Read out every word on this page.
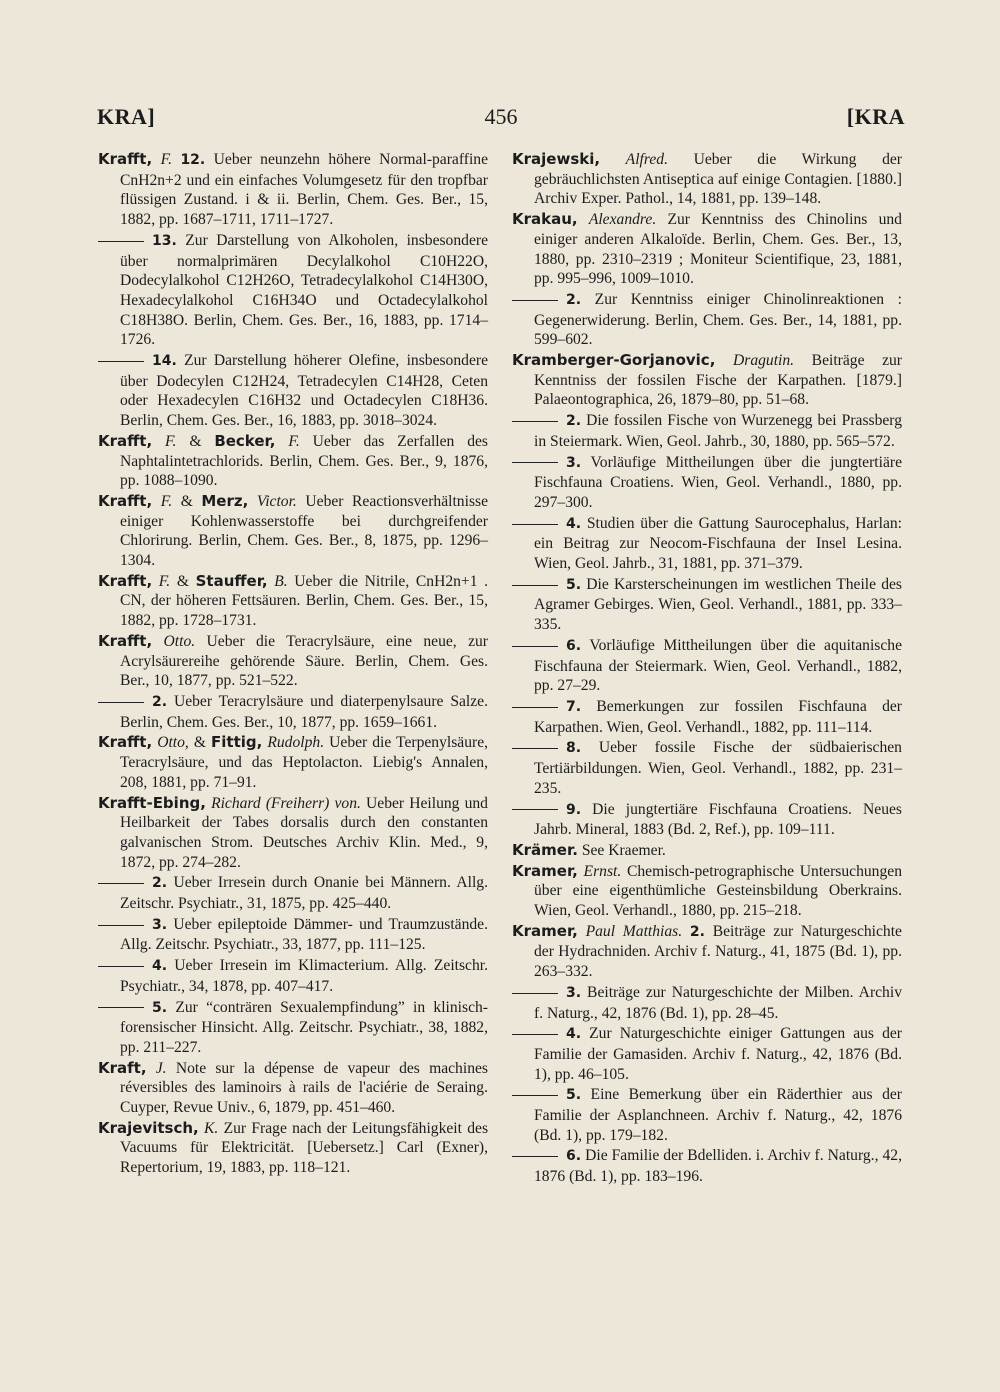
KRA]	456	[KRA

Krafft, F. 12. Ueber neunzehn höhere Normal-paraffine CnH2n+2 und ein einfaches Volumgesetz für den tropfbar flüssigen Zustand. i & ii. Berlin, Chem. Ges. Ber., 15, 1882, pp. 1687–1711, 1711–1727.

13. Zur Darstellung von Alkoholen, insbesondere über normalprimären Decylalkohol C10H22O, Dodecylalkohol C12H26O, Tetradecylalkohol C14H30O, Hexadecylalkohol C16H34O und Octadecylalkohol C18H38O. Berlin, Chem. Ges. Ber., 16, 1883, pp. 1714–1726.

14. Zur Darstellung höherer Olefine, insbesondere über Dodecylen C12H24, Tetradecylen C14H28, Ceten oder Hexadecylen C16H32 und Octadecylen C18H36. Berlin, Chem. Ges. Ber., 16, 1883, pp. 3018–3024.

Krafft, F. & Becker, F. Ueber das Zerfallen des Naphtalintetrachlorids. Berlin, Chem. Ges. Ber., 9, 1876, pp. 1088–1090.

Krafft, F. & Merz, Victor. Ueber Reactionsverhältnisse einiger Kohlenwasserstoffe bei durchgreifender Chlorirung. Berlin, Chem. Ges. Ber., 8, 1875, pp. 1296–1304.

Krafft, F. & Stauffer, B. Ueber die Nitrile, CnH2n+1 . CN, der höheren Fettsäuren. Berlin, Chem. Ges. Ber., 15, 1882, pp. 1728–1731.

Krafft, Otto. Ueber die Teracrylsäure, eine neue, zur Acrylsäurereihe gehörende Säure. Berlin, Chem. Ges. Ber., 10, 1877, pp. 521–522.

2. Ueber Teracrylsäure und diaterpenylsaure Salze. Berlin, Chem. Ges. Ber., 10, 1877, pp. 1659–1661.

Krafft, Otto, & Fittig, Rudolph. Ueber die Terpenylsäure, Teracrylsäure, und das Heptolacton. Liebig's Annalen, 208, 1881, pp. 71–91.

Krafft-Ebing, Richard (Freiherr) von. Ueber Heilung und Heilbarkeit der Tabes dorsalis durch den constanten galvanischen Strom. Deutsches Archiv Klin. Med., 9, 1872, pp. 274–282.

2. Ueber Irresein durch Onanie bei Männern. Allg. Zeitschr. Psychiatr., 31, 1875, pp. 425–440.

3. Ueber epileptoide Dämmer- und Traumzustände. Allg. Zeitschr. Psychiatr., 33, 1877, pp. 111–125.

4. Ueber Irresein im Klimacterium. Allg. Zeitschr. Psychiatr., 34, 1878, pp. 407–417.

5. Zur “conträren Sexualempfindung” in klinisch-forensischer Hinsicht. Allg. Zeitschr. Psychiatr., 38, 1882, pp. 211–227.

Kraft, J. Note sur la dépense de vapeur des machines réversibles des laminoirs à rails de l'aciérie de Seraing. Cuyper, Revue Univ., 6, 1879, pp. 451–460.

Krajevitsch, K. Zur Frage nach der Leitungsfähigkeit des Vacuums für Elektricität. [Uebersetz.] Carl (Exner), Repertorium, 19, 1883, pp. 118–121.

Krajewski, Alfred. Ueber die Wirkung der gebräuchlichsten Antiseptica auf einige Contagien. [1880.] Archiv Exper. Pathol., 14, 1881, pp. 139–148.

Krakau, Alexandre. Zur Kenntniss des Chinolins und einiger anderen Alkaloïde. Berlin, Chem. Ges. Ber., 13, 1880, pp. 2310–2319 ; Moniteur Scientifique, 23, 1881, pp. 995–996, 1009–1010.

2. Zur Kenntniss einiger Chinolinreaktionen : Gegenerwiderung. Berlin, Chem. Ges. Ber., 14, 1881, pp. 599–602.

Kramberger-Gorjanovic, Dragutin. Beiträge zur Kenntniss der fossilen Fische der Karpathen. [1879.] Palaeontographica, 26, 1879–80, pp. 51–68.

2. Die fossilen Fische von Wurzenegg bei Prassberg in Steiermark. Wien, Geol. Jahrb., 30, 1880, pp. 565–572.

3. Vorläufige Mittheilungen über die jungtertiäre Fischfauna Croatiens. Wien, Geol. Verhandl., 1880, pp. 297–300.

4. Studien über die Gattung Saurocephalus, Harlan: ein Beitrag zur Neocom-Fischfauna der Insel Lesina. Wien, Geol. Jahrb., 31, 1881, pp. 371–379.

5. Die Karsterscheinungen im westlichen Theile des Agramer Gebirges. Wien, Geol. Verhandl., 1881, pp. 333–335.

6. Vorläufige Mittheilungen über die aquitanische Fischfauna der Steiermark. Wien, Geol. Verhandl., 1882, pp. 27–29.

7. Bemerkungen zur fossilen Fischfauna der Karpathen. Wien, Geol. Verhandl., 1882, pp. 111–114.

8. Ueber fossile Fische der südbaierischen Tertiärbildungen. Wien, Geol. Verhandl., 1882, pp. 231–235.

9. Die jungtertiäre Fischfauna Croatiens. Neues Jahrb. Mineral, 1883 (Bd. 2, Ref.), pp. 109–111.

Krämer. See Kraemer.

Kramer, Ernst. Chemisch-petrographische Untersuchungen über eine eigenthümliche Gesteinsbildung Oberkrains. Wien, Geol. Verhandl., 1880, pp. 215–218.

Kramer, Paul Matthias. 2. Beiträge zur Naturgeschichte der Hydrachniden. Archiv f. Naturg., 41, 1875 (Bd. 1), pp. 263–332.

3. Beiträge zur Naturgeschichte der Milben. Archiv f. Naturg., 42, 1876 (Bd. 1), pp. 28–45.

4. Zur Naturgeschichte einiger Gattungen aus der Familie der Gamasiden. Archiv f. Naturg., 42, 1876 (Bd. 1), pp. 46–105.

5. Eine Bemerkung über ein Räderthier aus der Familie der Asplanchneen. Archiv f. Naturg., 42, 1876 (Bd. 1), pp. 179–182.

6. Die Familie der Bdelliden. i. Archiv f. Naturg., 42, 1876 (Bd. 1), pp. 183–196.
